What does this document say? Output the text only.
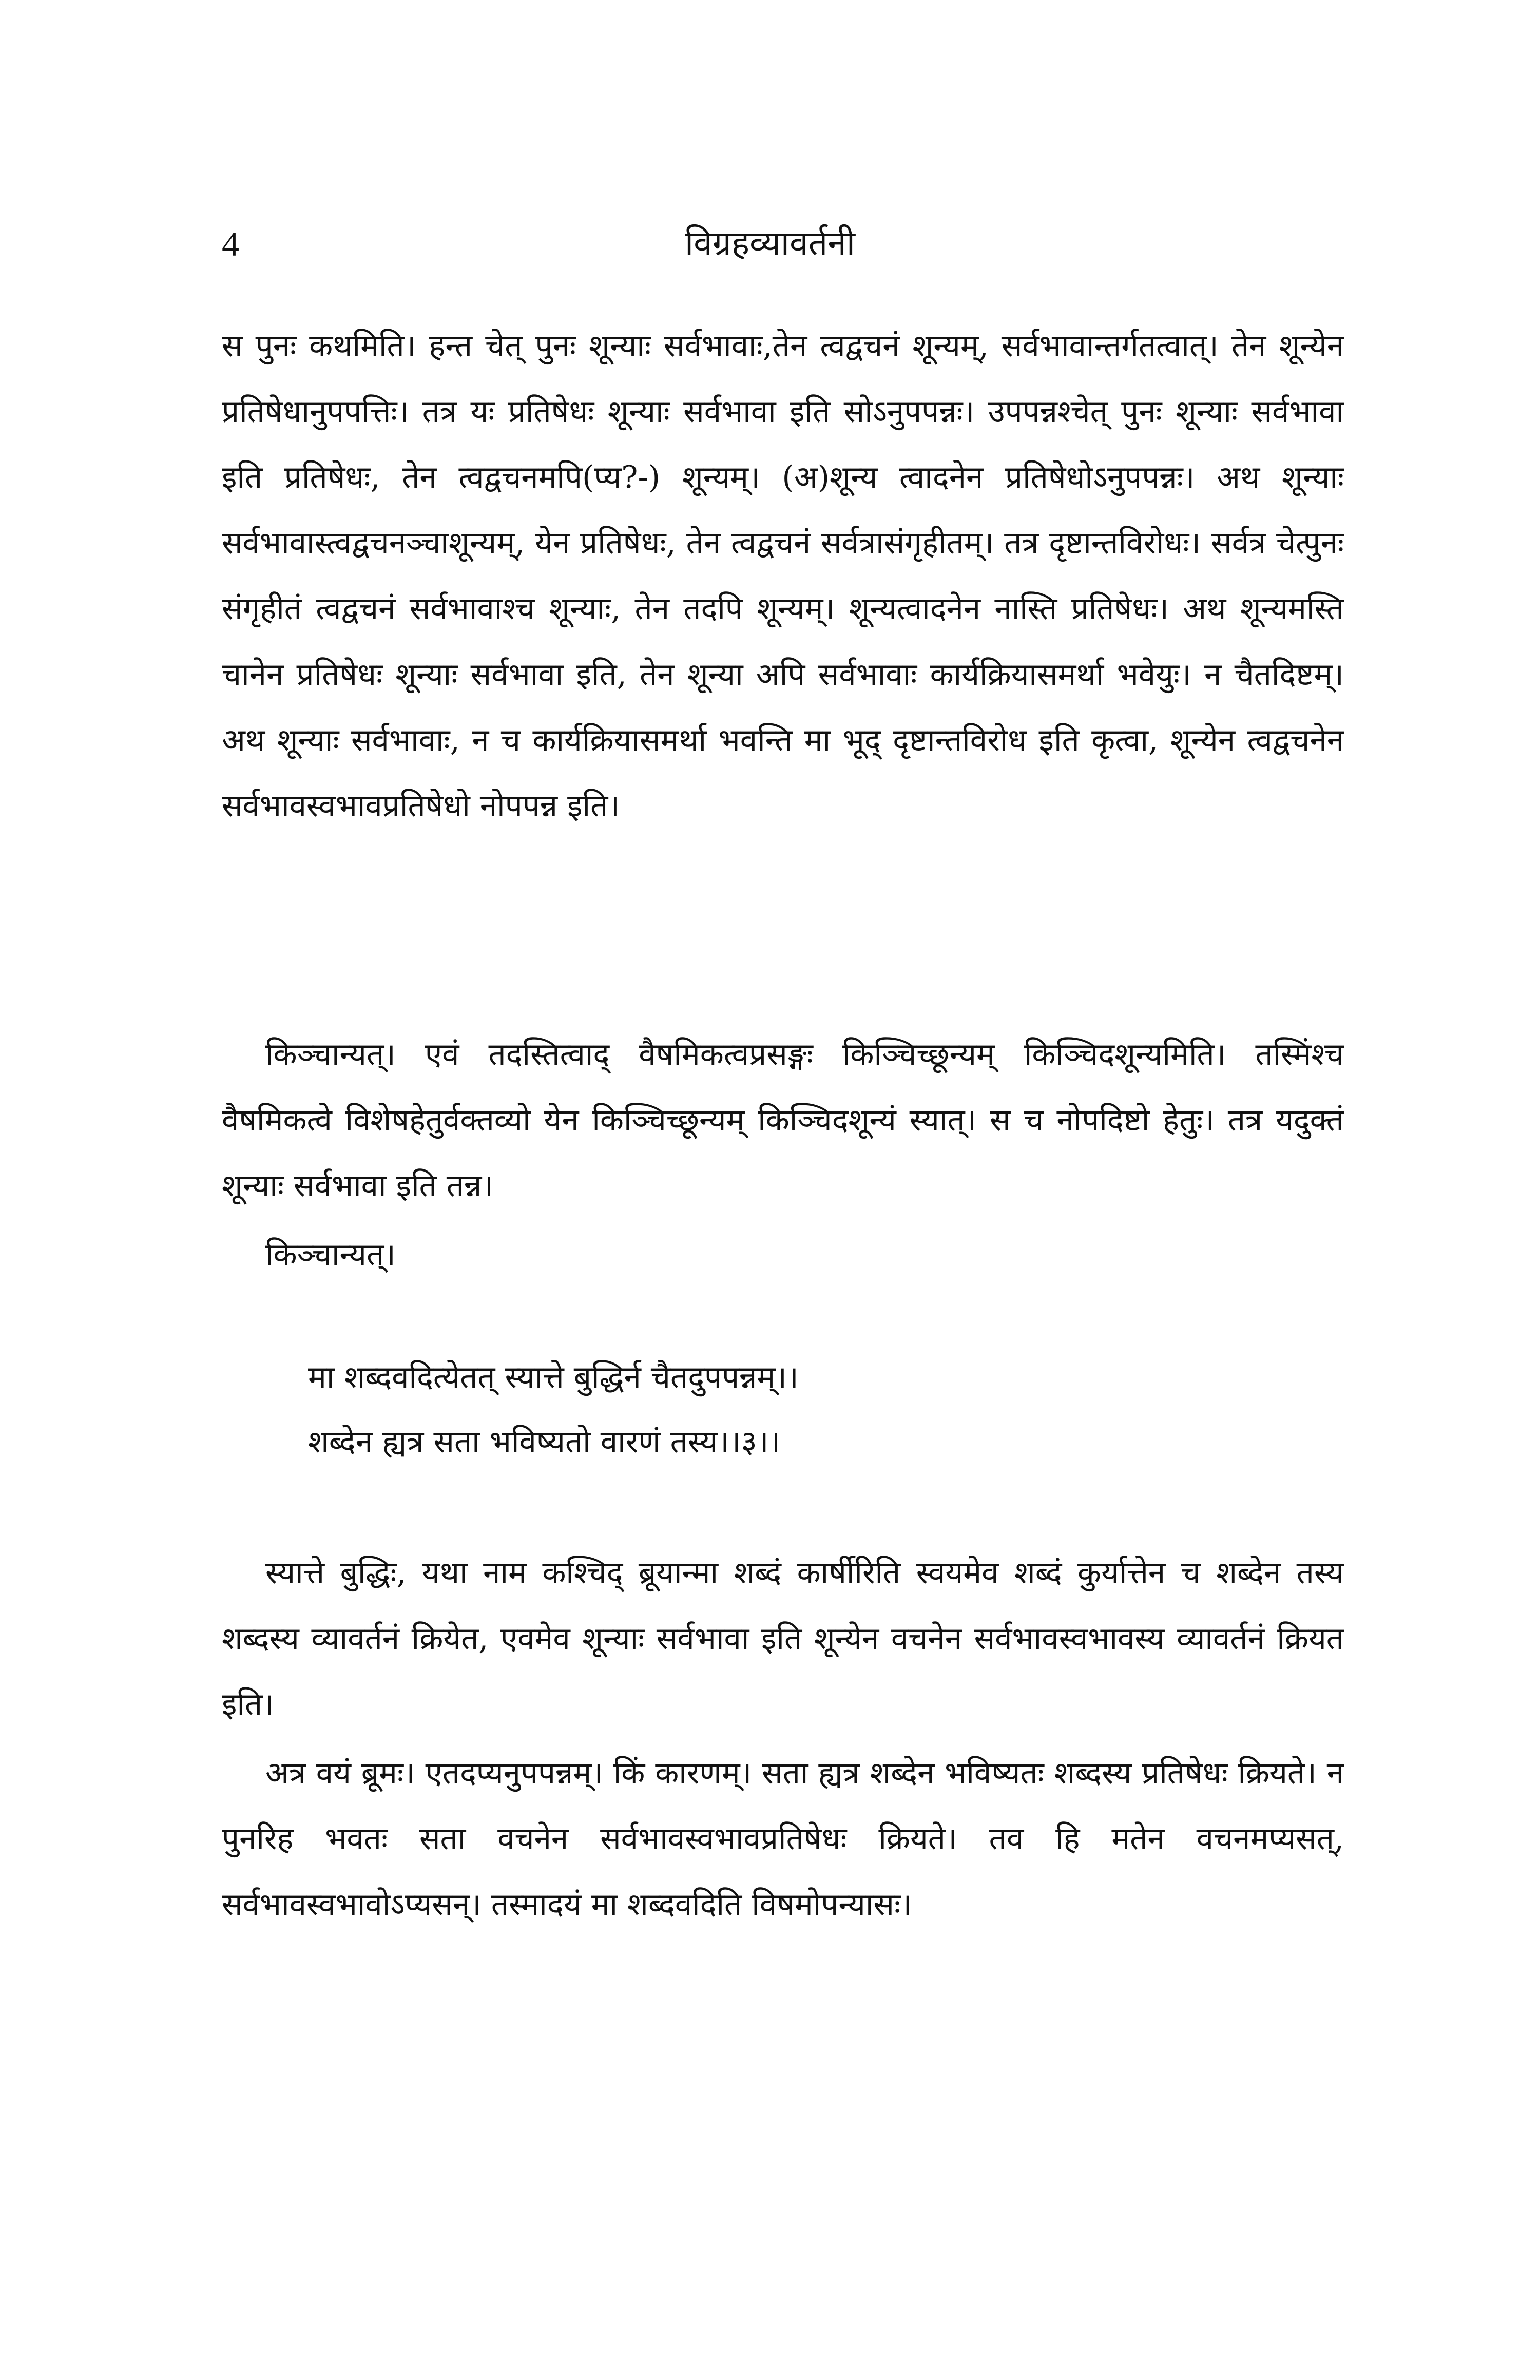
4	विग्रहव्यावर्तनी

स पुनः कथमिति। हन्त चेत् पुनः शून्याः सर्वभावाः,तेन त्वद्वचनं शून्यम्, सर्वभावान्तर्गतत्वात्। तेन शून्येन प्रतिषेधानुपपत्तिः। तत्र यः प्रतिषेधः शून्याः सर्वभावा इति सोऽनुपपन्नः। उपपन्नश्चेत् पुनः शून्याः सर्वभावा इति प्रतिषेधः, तेन त्वद्वचनमपि(प्य?-) शून्यम्। (अ)शून्य त्वादनेन प्रतिषेधोऽनुपपन्नः। अथ शून्याः सर्वभावास्त्वद्वचनञ्चाशून्यम्, येन प्रतिषेधः, तेन त्वद्वचनं सर्वत्रासंगृहीतम्। तत्र दृष्टान्तविरोधः। सर्वत्र चेत्पुनः संगृहीतं त्वद्वचनं सर्वभावाश्च शून्याः, तेन तदपि शून्यम्। शून्यत्वादनेन नास्ति प्रतिषेधः। अथ शून्यमस्ति चानेन प्रतिषेधः शून्याः सर्वभावा इति, तेन शून्या अपि सर्वभावाः कार्यक्रियासमर्था भवेयुः। न चैतदिष्टम्। अथ शून्याः सर्वभावाः, न च कार्यक्रियासमर्था भवन्ति मा भूद् दृष्टान्तविरोध इति कृत्वा, शून्येन त्वद्वचनेन सर्वभावस्वभावप्रतिषेधो नोपपन्न इति।

किञ्चान्यत्। एवं तदस्तित्वाद् वैषमिकत्वप्रसङ्गः किञ्चिच्छून्यम् किञ्चिदशून्यमिति। तस्मिंश्च वैषमिकत्वे विशेषहेतुर्वक्तव्यो येन किञ्चिच्छून्यम् किञ्चिदशून्यं स्यात्। स च नोपदिष्टो हेतुः। तत्र यदुक्तं शून्याः सर्वभावा इति तन्न।

किञ्चान्यत्।

मा शब्दवदित्येतत् स्यात्ते बुद्धिर्न चैतदुपपन्नम्।।

शब्देन ह्यत्र सता भविष्यतो वारणं तस्य।।३।।

स्यात्ते बुद्धिः, यथा नाम कश्चिद् ब्रूयान्मा शब्दं कार्षीरिति स्वयमेव शब्दं कुर्यात्तेन च शब्देन तस्य शब्दस्य व्यावर्तनं क्रियेत, एवमेव शून्याः सर्वभावा इति शून्येन वचनेन सर्वभावस्वभावस्य व्यावर्तनं क्रियत इति।

अत्र वयं ब्रूमः। एतदप्यनुपपन्नम्। किं कारणम्। सता ह्यत्र शब्देन भविष्यतः शब्दस्य प्रतिषेधः क्रियते। न पुनरिह भवतः सता वचनेन सर्वभावस्वभावप्रतिषेधः क्रियते। तव हि मतेन वचनमप्यसत्, सर्वभावस्वभावोऽप्यसन्। तस्मादयं मा शब्दवदिति विषमोपन्यासः।
